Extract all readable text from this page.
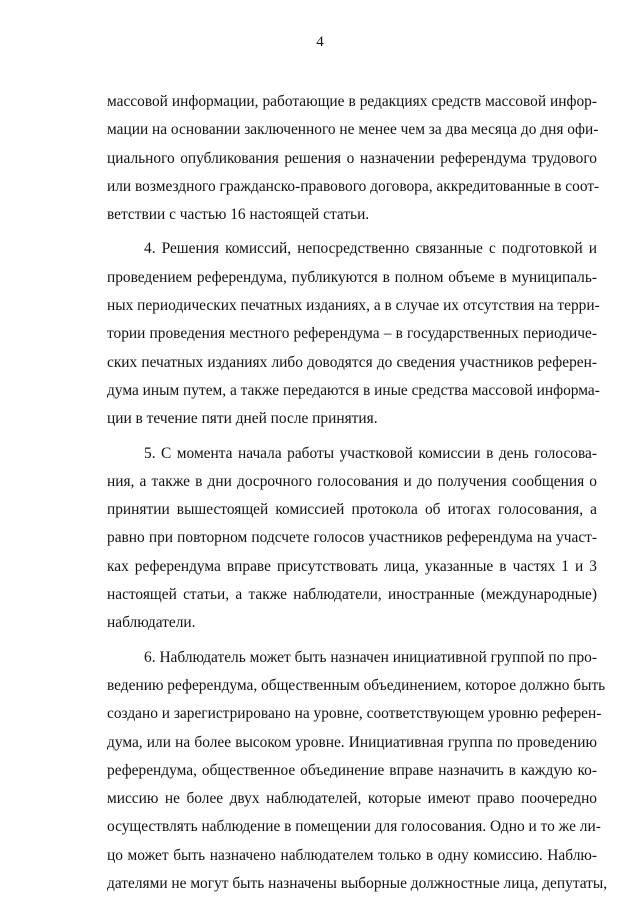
4

массовой информации, работающие в редакциях средств массовой инфор-
мации на основании заключенного не менее чем за два месяца до дня офи-
циального опубликования решения о назначении референдума трудового
или возмездного гражданско-правового договора, аккредитованные в соот-
ветствии с частью 16 настоящей статьи.

4. Решения комиссий, непосредственно связанные с подготовкой и
проведением референдума, публикуются в полном объеме в муниципаль-
ных периодических печатных изданиях, а в случае их отсутствия на терри-
тории проведения местного референдума – в государственных периодиче-
ских печатных изданиях либо доводятся до сведения участников референ-
дума иным путем, а также передаются в иные средства массовой информа-
ции в течение пяти дней после принятия.

5. С момента начала работы участковой комиссии в день голосова-
ния, а также в дни досрочного голосования и до получения сообщения о
принятии вышестоящей комиссией протокола об итогах голосования, а
равно при повторном подсчете голосов участников референдума на участ-
ках референдума вправе присутствовать лица, указанные в частях 1 и 3
настоящей статьи, а также наблюдатели, иностранные (международные)
наблюдатели.

6. Наблюдатель может быть назначен инициативной группой по про-
ведению референдума, общественным объединением, которое должно быть
создано и зарегистрировано на уровне, соответствующем уровню референ-
дума, или на более высоком уровне. Инициативная группа по проведению
референдума, общественное объединение вправе назначить в каждую ко-
миссию не более двух наблюдателей, которые имеют право поочередно
осуществлять наблюдение в помещении для голосования. Одно и то же ли-
цо может быть назначено наблюдателем только в одну комиссию. Наблю-
дателями не могут быть назначены выборные должностные лица, депутаты,
